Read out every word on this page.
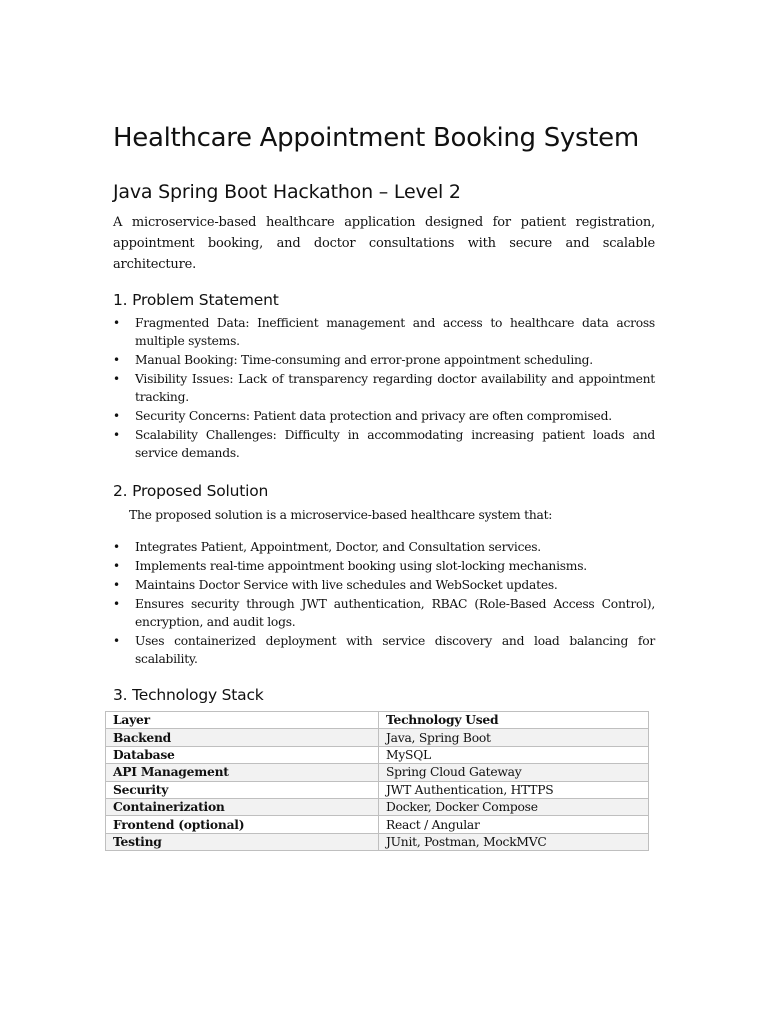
Healthcare Appointment Booking System
Java Spring Boot Hackathon – Level 2

A microservice-based healthcare application designed for patient registration, appointment booking, and doctor consultations with secure and scalable architecture.

1. Problem Statement
• Fragmented Data: Inefficient management and access to healthcare data across multiple systems.
• Manual Booking: Time-consuming and error-prone appointment scheduling.
• Visibility Issues: Lack of transparency regarding doctor availability and appointment tracking.
• Security Concerns: Patient data protection and privacy are often compromised.
• Scalability Challenges: Difficulty in accommodating increasing patient loads and service demands.
2. Proposed Solution

The proposed solution is a microservice-based healthcare system that:

• Integrates Patient, Appointment, Doctor, and Consultation services.
• Implements real-time appointment booking using slot-locking mechanisms.
• Maintains Doctor Service with live schedules and WebSocket updates.
• Ensures security through JWT authentication, RBAC (Role-Based Access Control), encryption, and audit logs.
• Uses containerized deployment with service discovery and load balancing for scalability.
3. Technology Stack
Layer	Technology Used
Backend	Java, Spring Boot
Database	MySQL
API Management	Spring Cloud Gateway
Security	JWT Authentication, HTTPS
Containerization	Docker, Docker Compose
Frontend (optional)	React / Angular
Testing	JUnit, Postman, MockMVC
